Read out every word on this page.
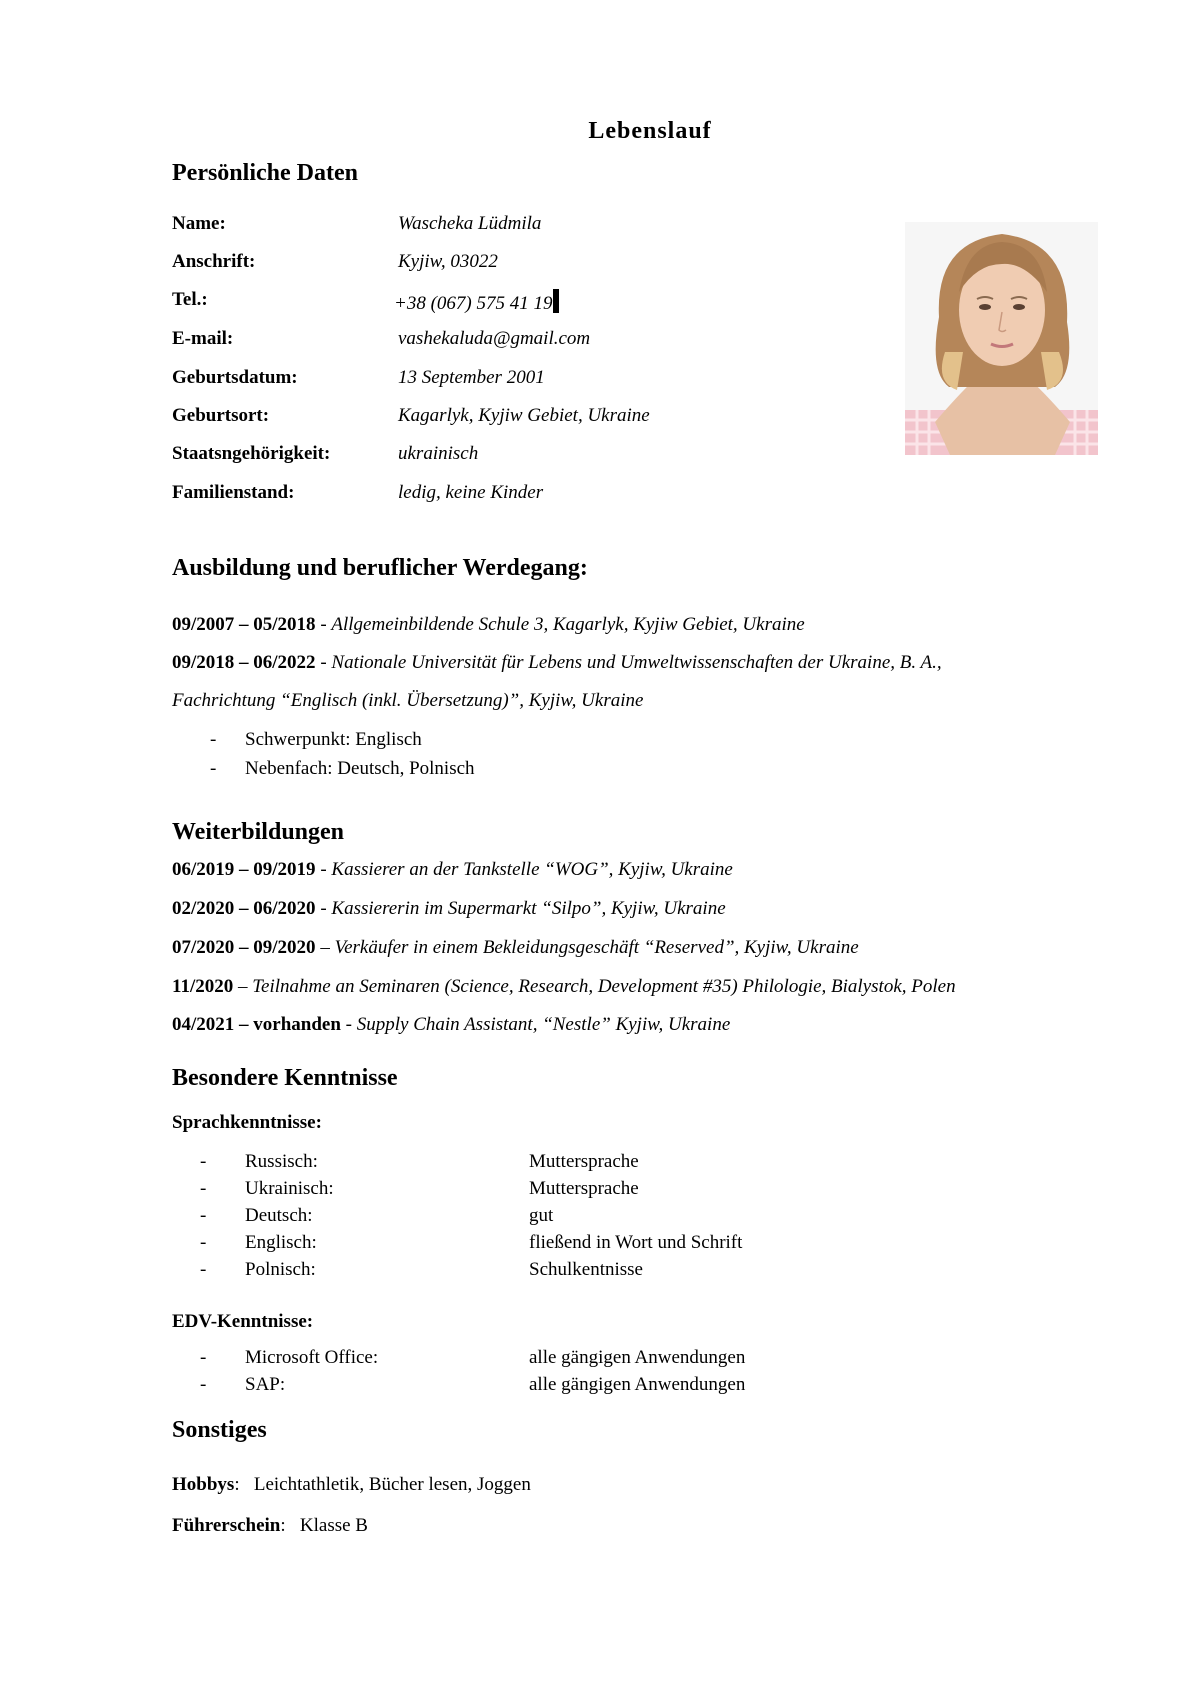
Lebenslauf
Persönliche Daten
Name:	Wascheka Lüdmila
Anschrift:	Kyjiw, 03022
Tel.:	+38 (067) 575 41 19
E-mail:	vashekaluda@gmail.com
Geburtsdatum:	13 September 2001
Geburtsort:	Kagarlyk, Kyjiw Gebiet, Ukraine
Staatsngehörigkeit:	ukrainisch
Familienstand:	ledig, keine Kinder
Ausbildung und beruflicher Werdegang:
09/2007 – 05/2018 - Allgemeinbildende Schule 3, Kagarlyk, Kyjiw Gebiet, Ukraine
09/2018 – 06/2022 - Nationale Universität für Lebens und Umweltwissenschaften der Ukraine, B. A.,
Fachrichtung “Englisch (inkl. Übersetzung)”, Kyjiw, Ukraine
- Schwerpunkt: Englisch
- Nebenfach: Deutsch, Polnisch
Weiterbildungen
06/2019 – 09/2019 - Kassierer an der Tankstelle “WOG”, Kyjiw, Ukraine
02/2020 – 06/2020 - Kassiererin im Supermarkt “Silpo”, Kyjiw, Ukraine
07/2020 – 09/2020 – Verkäufer in einem Bekleidungsgeschäft “Reserved”, Kyjiw, Ukraine
11/2020 – Teilnahme an Seminaren (Science, Research, Development #35) Philologie, Bialystok, Polen
04/2021 – vorhanden - Supply Chain Assistant, “Nestle” Kyjiw, Ukraine
Besondere Kenntnisse
Sprachkenntnisse:
- Russisch:	Muttersprache
- Ukrainisch:	Muttersprache
- Deutsch:	gut
- Englisch:	fließend in Wort und Schrift
- Polnisch:	Schulkentnisse
EDV-Kenntnisse:
- Microsoft Office:	alle gängigen Anwendungen
- SAP:	alle gängigen Anwendungen
Sonstiges
Hobbys:   Leichtathletik, Bücher lesen, Joggen
Führerschein:   Klasse B
